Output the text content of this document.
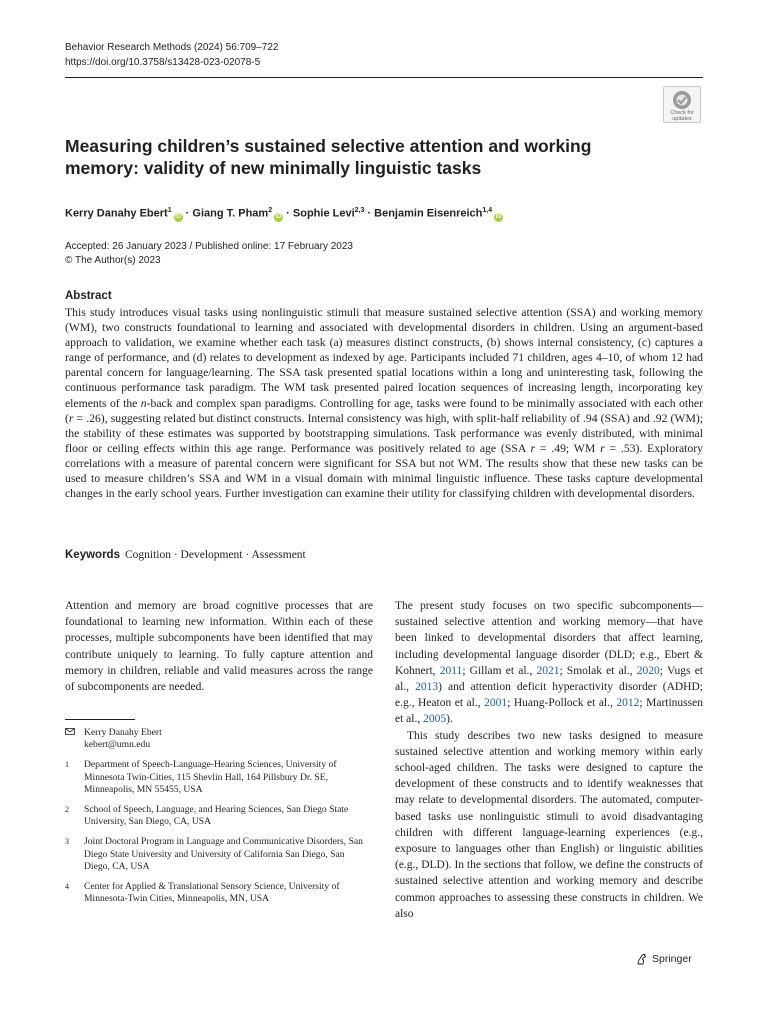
Behavior Research Methods (2024) 56:709–722
https://doi.org/10.3758/s13428-023-02078-5
Check for
updates
Measuring children’s sustained selective attention and working memory: validity of new minimally linguistic tasks
Kerry Danahy Ebert$^1$iD · Giang T. Pham$^2$iD · Sophie Levi$^{2,3}$ · Benjamin Eisenreich$^{1,4}$iD
Accepted: 26 January 2023 / Published online: 17 February 2023
© The Author(s) 2023
Abstract

This study introduces visual tasks using nonlinguistic stimuli that measure sustained selective attention (SSA) and working memory (WM), two constructs foundational to learning and associated with developmental disorders in children. Using an argument-based approach to validation, we examine whether each task (a) measures distinct constructs, (b) shows internal consistency, (c) captures a range of performance, and (d) relates to development as indexed by age. Participants included 71 children, ages 4–10, of whom 12 had parental concern for language/learning. The SSA task presented spatial locations within a long and uninteresting task, following the continuous performance task paradigm. The WM task presented paired location sequences of increasing length, incorporating key elements of the n-back and complex span paradigms. Controlling for age, tasks were found to be minimally associated with each other (r = .26), suggesting related but distinct constructs. Internal consistency was high, with split-half reliability of .94 (SSA) and .92 (WM); the stability of these estimates was supported by bootstrapping simulations. Task performance was evenly distributed, with minimal floor or ceiling effects within this age range. Performance was positively related to age (SSA r = .49; WM r = .53). Exploratory correlations with a measure of parental concern were significant for SSA but not WM. The results show that these new tasks can be used to measure children’s SSA and WM in a visual domain with minimal linguistic influence. These tasks capture developmental changes in the early school years. Further investigation can examine their utility for classifying children with developmental disorders.

Keywords Cognition · Development · Assessment

Attention and memory are broad cognitive processes that are foundational to learning new information. Within each of these processes, multiple subcomponents have been identified that may contribute uniquely to learning. To fully capture attention and memory in children, reliable and valid measures across the range of subcomponents are needed.

Kerry Danahy Ebert
kebert@umn.edu
1 Department of Speech-Language-Hearing Sciences, University of Minnesota Twin-Cities, 115 Shevlin Hall, 164 Pillsbury Dr. SE, Minneapolis, MN 55455, USA
2 School of Speech, Language, and Hearing Sciences, San Diego State University, San Diego, CA, USA
3 Joint Doctoral Program in Language and Communicative Disorders, San Diego State University and University of California San Diego, San Diego, CA, USA
4 Center for Applied & Translational Sensory Science, University of Minnesota-Twin Cities, Minneapolis, MN, USA

The present study focuses on two specific subcomponents—sustained selective attention and working memory—that have been linked to developmental disorders that affect learning, including developmental language disorder (DLD; e.g., Ebert & Kohnert, 2011; Gillam et al., 2021; Smolak et al., 2020; Vugs et al., 2013) and attention deficit hyperactivity disorder (ADHD; e.g., Heaton et al., 2001; Huang-Pollock et al., 2012; Martinussen et al., 2005).

This study describes two new tasks designed to measure sustained selective attention and working memory within early school-aged children. The tasks were designed to capture the development of these constructs and to identify weaknesses that may relate to developmental disorders. The automated, computer-based tasks use nonlinguistic stimuli to avoid disadvantaging children with different language-learning experiences (e.g., exposure to languages other than English) or linguistic abilities (e.g., DLD). In the sections that follow, we define the constructs of sustained selective attention and working memory and describe common approaches to assessing these constructs in children. We also

Springer
